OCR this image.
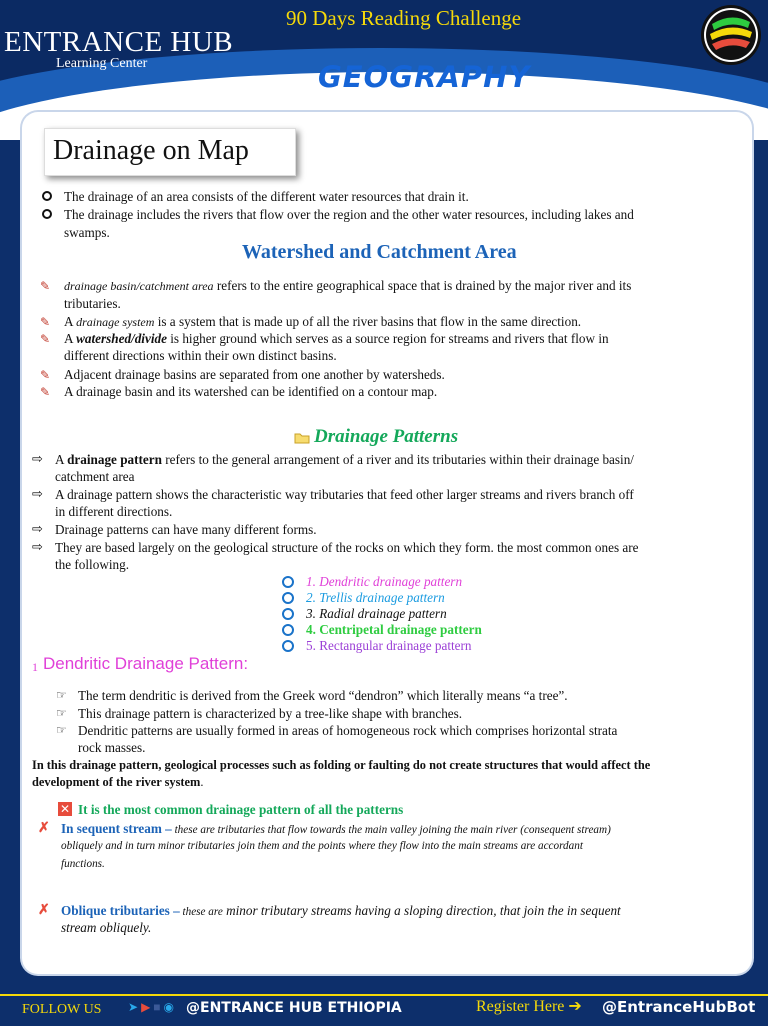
ENTRANCE HUB
Learning Center
90 Days Reading Challenge
GEOGRAPHY
Drainage on Map
The drainage of an area consists of the different water resources that drain it.
The drainage includes the rivers that flow over the region and the other water resources, including lakes and
swamps.
Watershed and Catchment Area
✎ drainage basin/catchment area refers to the entire geographical space that is drained by the major river and its
tributaries.
✎ A drainage system is a system that is made up of all the river basins that flow in the same direction.
✎ A watershed/divide is higher ground which serves as a source region for streams and rivers that flow in
different directions within their own distinct basins.
✎ Adjacent drainage basins are separated from one another by watersheds.
✎ A drainage basin and its watershed can be identified on a contour map.
Drainage Patterns
⇨ A drainage pattern refers to the general arrangement of a river and its tributaries within their drainage basin/
catchment area
⇨ A drainage pattern shows the characteristic way tributaries that feed other larger streams and rivers branch off
in different directions.
⇨ Drainage patterns can have many different forms.
⇨ They are based largely on the geological structure of the rocks on which they form. the most common ones are
the following.
1. Dendritic drainage pattern
2. Trellis drainage pattern
3. Radial drainage pattern
4. Centripetal drainage pattern
5. Rectangular drainage pattern
1 Dendritic Drainage Pattern:
☞ The term dendritic is derived from the Greek word “dendron” which literally means “a tree”.
☞ This drainage pattern is characterized by a tree-like shape with branches.
☞ Dendritic patterns are usually formed in areas of homogeneous rock which comprises horizontal strata
rock masses.
In this drainage pattern, geological processes such as folding or faulting do not create structures that would affect the
development of the river system.
✕ It is the most common drainage pattern of all the patterns
✗ In sequent stream – these are tributaries that flow towards the main valley joining the main river (consequent stream)
obliquely and in turn minor tributaries join them and the points where they flow into the main streams are accordant
functions.
✗ Oblique tributaries – these are minor tributary streams having a sloping direction, that join the in sequent
stream obliquely.
FOLLOW US ➤ ▶ ■ ◉ @ENTRANCE HUB ETHIOPIA	Register Here ➔ @EntranceHubBot
